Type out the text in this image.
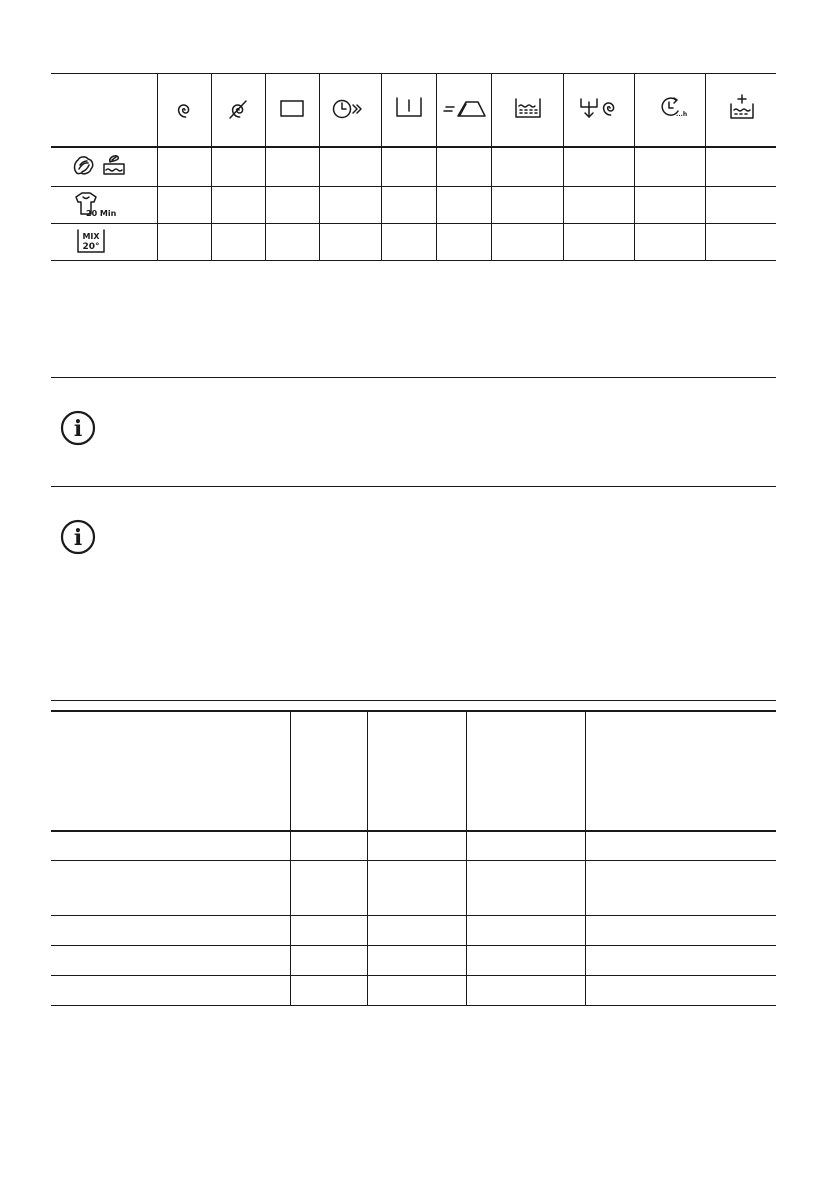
...h
20 Min
MIX
20°
i
i
